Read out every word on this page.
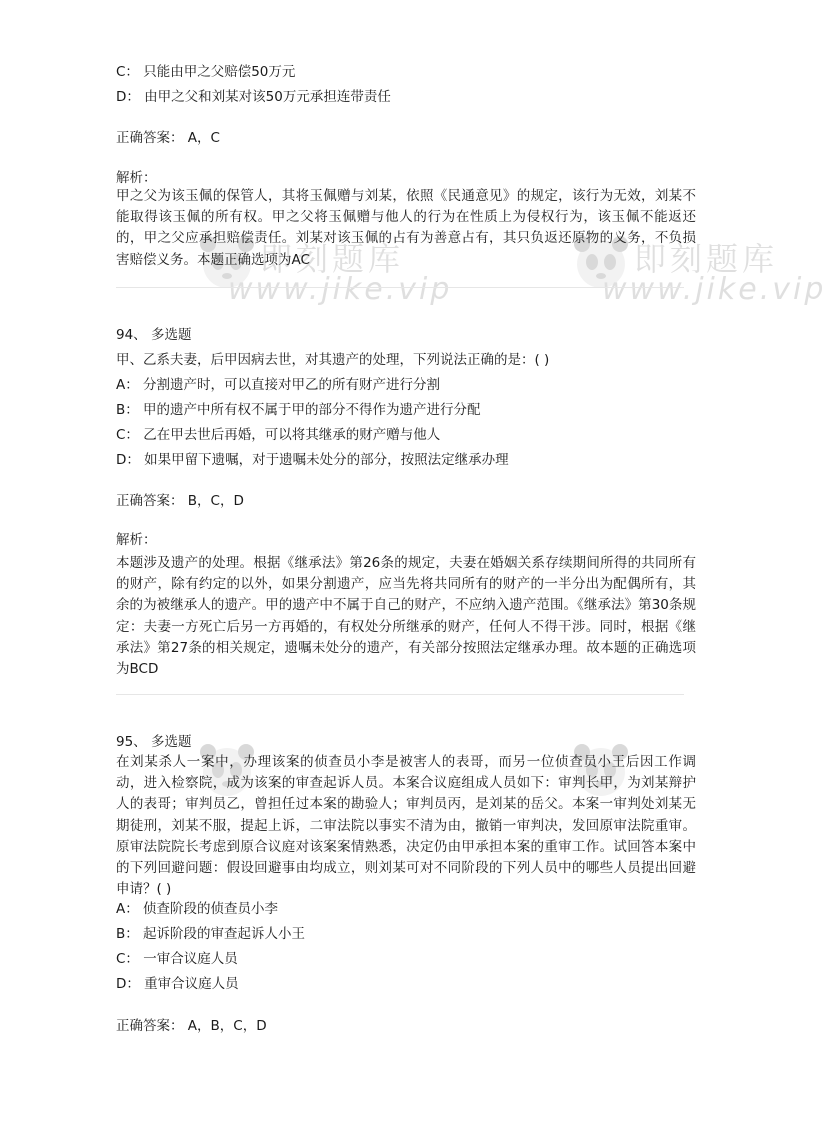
即刻题库
www.jike.vip
即刻题库
www.jike.vip
C： 只能由甲之父赔偿50万元
D： 由甲之父和刘某对该50万元承担连带责任
正确答案： A，C
解析：
甲之父为该玉佩的保管人，其将玉佩赠与刘某，依照《民通意见》的规定，该行为无效，刘某不能取得该玉佩的所有权。甲之父将玉佩赠与他人的行为在性质上为侵权行为，该玉佩不能返还的，甲之父应承担赔偿责任。刘某对该玉佩的占有为善意占有，其只负返还原物的义务，不负损害赔偿义务。本题正确选项为AC
94、 多选题
甲、乙系夫妻，后甲因病去世，对其遗产的处理，下列说法正确的是：( )
A： 分割遗产时，可以直接对甲乙的所有财产进行分割
B： 甲的遗产中所有权不属于甲的部分不得作为遗产进行分配
C： 乙在甲去世后再婚，可以将其继承的财产赠与他人
D： 如果甲留下遗嘱，对于遗嘱未处分的部分，按照法定继承办理
正确答案： B，C，D
解析：
本题涉及遗产的处理。根据《继承法》第26条的规定，夫妻在婚姻关系存续期间所得的共同所有的财产，除有约定的以外，如果分割遗产，应当先将共同所有的财产的一半分出为配偶所有，其余的为被继承人的遗产。甲的遗产中不属于自己的财产，不应纳入遗产范围。《继承法》第30条规定：夫妻一方死亡后另一方再婚的，有权处分所继承的财产，任何人不得干涉。同时，根据《继承法》第27条的相关规定，遗嘱未处分的遗产，有关部分按照法定继承办理。故本题的正确选项为BCD
95、 多选题
在刘某杀人一案中，办理该案的侦查员小李是被害人的表哥，而另一位侦查员小王后因工作调动，进入检察院，成为该案的审查起诉人员。本案合议庭组成人员如下：审判长甲，为刘某辩护人的表哥；审判员乙，曾担任过本案的勘验人；审判员丙，是刘某的岳父。本案一审判处刘某无期徒刑，刘某不服，提起上诉，二审法院以事实不清为由，撤销一审判决，发回原审法院重审。原审法院院长考虑到原合议庭对该案案情熟悉，决定仍由甲承担本案的重审工作。试回答本案中的下列回避问题：假设回避事由均成立，则刘某可对不同阶段的下列人员中的哪些人员提出回避申请？( )
A： 侦查阶段的侦查员小李
B： 起诉阶段的审查起诉人小王
C： 一审合议庭人员
D： 重审合议庭人员
正确答案： A，B，C，D
